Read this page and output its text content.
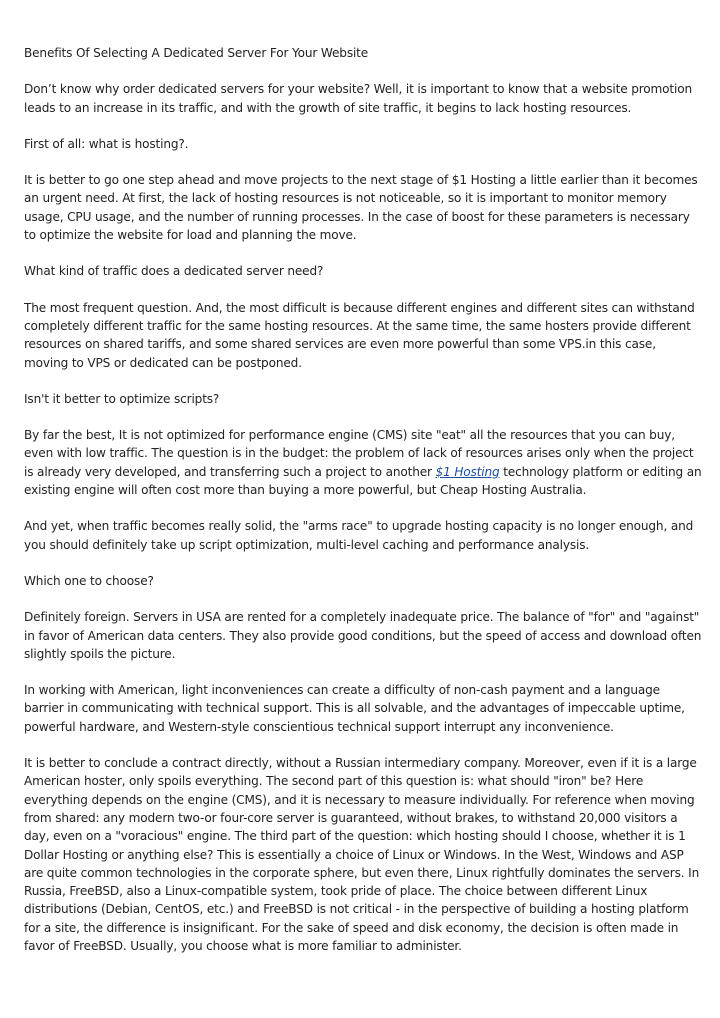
Benefits Of Selecting A Dedicated Server For Your Website
Don’t know why order dedicated servers for your website? Well, it is important to know that a website promotion leads to an increase in its traffic, and with the growth of site traffic, it begins to lack hosting resources.
First of all: what is hosting?.
It is better to go one step ahead and move projects to the next stage of $1 Hosting a little earlier than it becomes an urgent need. At first, the lack of hosting resources is not noticeable, so it is important to monitor memory usage, CPU usage, and the number of running processes. In the case of boost for these parameters is necessary to optimize the website for load and planning the move.
What kind of traffic does a dedicated server need?
The most frequent question. And, the most difficult is because different engines and different sites can withstand completely different traffic for the same hosting resources. At the same time, the same hosters provide different resources on shared tariffs, and some shared services are even more powerful than some VPS.in this case, moving to VPS or dedicated can be postponed.
Isn't it better to optimize scripts?
By far the best, It is not optimized for performance engine (CMS) site "eat" all the resources that you can buy, even with low traffic. The question is in the budget: the problem of lack of resources arises only when the project is already very developed, and transferring such a project to another $1 Hosting technology platform or editing an existing engine will often cost more than buying a more powerful, but Cheap Hosting Australia.
And yet, when traffic becomes really solid, the "arms race" to upgrade hosting capacity is no longer enough, and you should definitely take up script optimization, multi-level caching and performance analysis.
Which one to choose?
Definitely foreign. Servers in USA are rented for a completely inadequate price. The balance of "for" and "against" in favor of American data centers. They also provide good conditions, but the speed of access and download often slightly spoils the picture.
In working with American, light inconveniences can create a difficulty of non-cash payment and a language barrier in communicating with technical support. This is all solvable, and the advantages of impeccable uptime, powerful hardware, and Western-style conscientious technical support interrupt any inconvenience.
It is better to conclude a contract directly, without a Russian intermediary company. Moreover, even if it is a large American hoster, only spoils everything. The second part of this question is: what should "iron" be? Here everything depends on the engine (CMS), and it is necessary to measure individually. For reference when moving from shared: any modern two-or four-core server is guaranteed, without brakes, to withstand 20,000 visitors a day, even on a "voracious" engine. The third part of the question: which hosting should I choose, whether it is 1 Dollar Hosting or anything else? This is essentially a choice of Linux or Windows. In the West, Windows and ASP are quite common technologies in the corporate sphere, but even there, Linux rightfully dominates the servers. In Russia, FreeBSD, also a Linux-compatible system, took pride of place. The choice between different Linux distributions (Debian, CentOS, etc.) and FreeBSD is not critical - in the perspective of building a hosting platform for a site, the difference is insignificant. For the sake of speed and disk economy, the decision is often made in favor of FreeBSD. Usually, you choose what is more familiar to administer.
